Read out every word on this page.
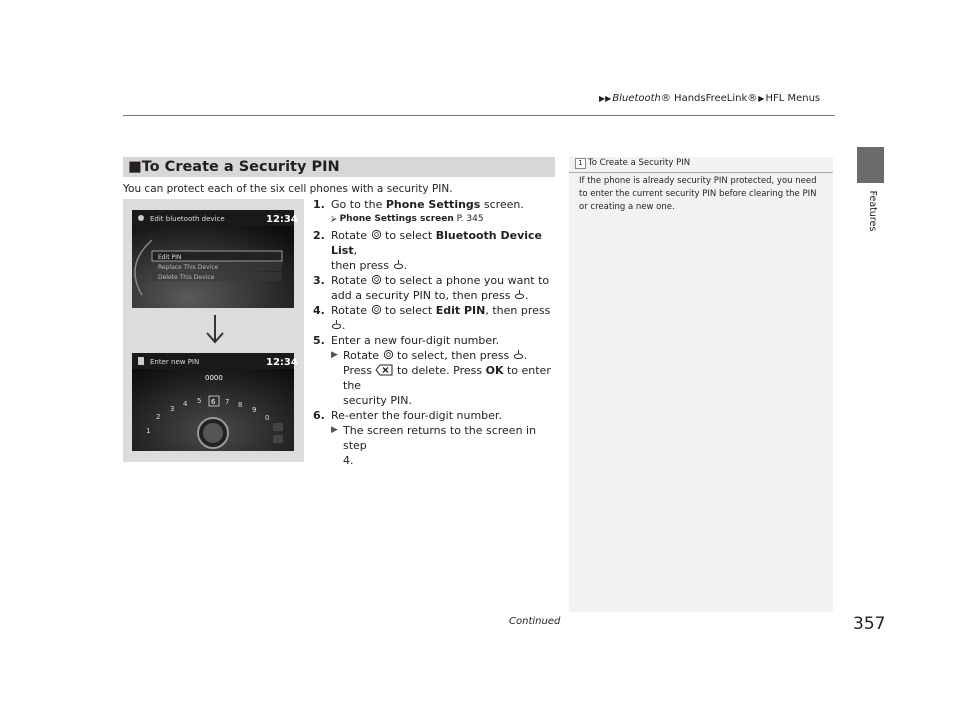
▶▶Bluetooth® HandsFreeLink®▶HFL Menus
Features
■To Create a Security PIN	1 To Create a Security PIN
If the phone is already security PIN protected, you need to enter the current security PIN before clearing the PIN or creating a new one.
You can protect each of the six cell phones with a security PIN.
Edit bluetooth device	12:34
Edit PIN
Replace This Device
Delete This Device
Enter new PIN	12:34
0000
1
2
3
4 5 6 7 8
9
0
1. Go to the Phone Settings screen.
⮚ Phone Settings screen P. 345
2. Rotate  to select Bluetooth Device List,
then press .
3. Rotate  to select a phone you want to
add a security PIN to, then press .
4. Rotate  to select Edit PIN, then press .
5. Enter a new four-digit number.
▶ Rotate  to select, then press .
Press  to delete. Press OK to enter the
security PIN.
6. Re-enter the four-digit number.
▶ The screen returns to the screen in step
4.
Continued	357
